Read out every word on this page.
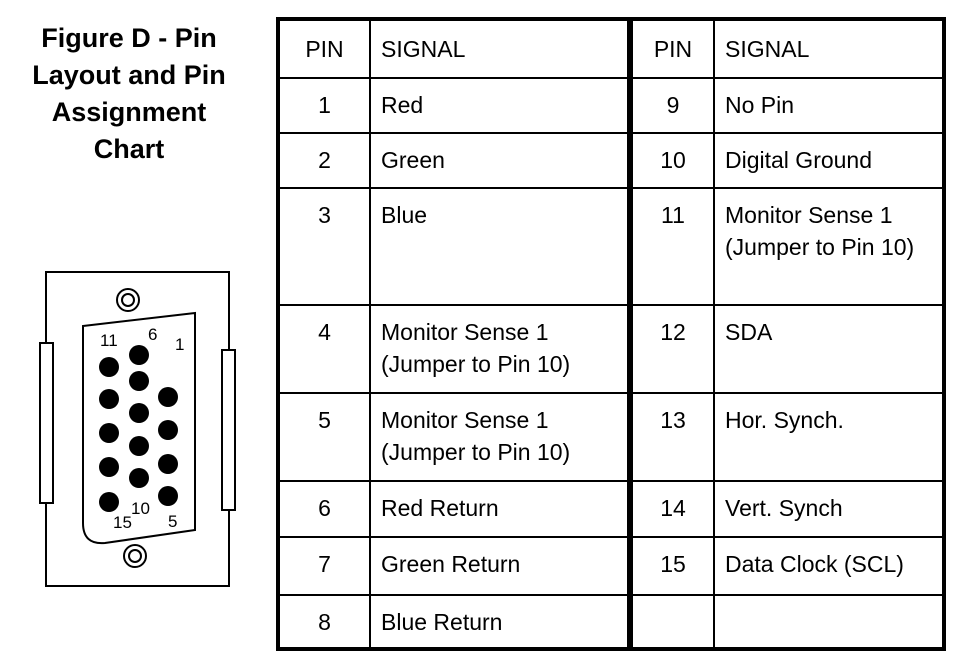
Figure D - Pin
Layout and Pin
Assignment
Chart
11 6
1
10
15 5
PIN	SIGNAL	PIN	SIGNAL
1	Red	9	No Pin
2	Green	10	Digital Ground
3	Blue	11	Monitor Sense 1 (Jumper to Pin 10)
4	Monitor Sense 1 (Jumper to Pin 10)	12	SDA
5	Monitor Sense 1 (Jumper to Pin 10)	13	Hor. Synch.
6	Red Return	14	Vert. Synch
7	Green Return	15	Data Clock (SCL)
8	Blue Return		
